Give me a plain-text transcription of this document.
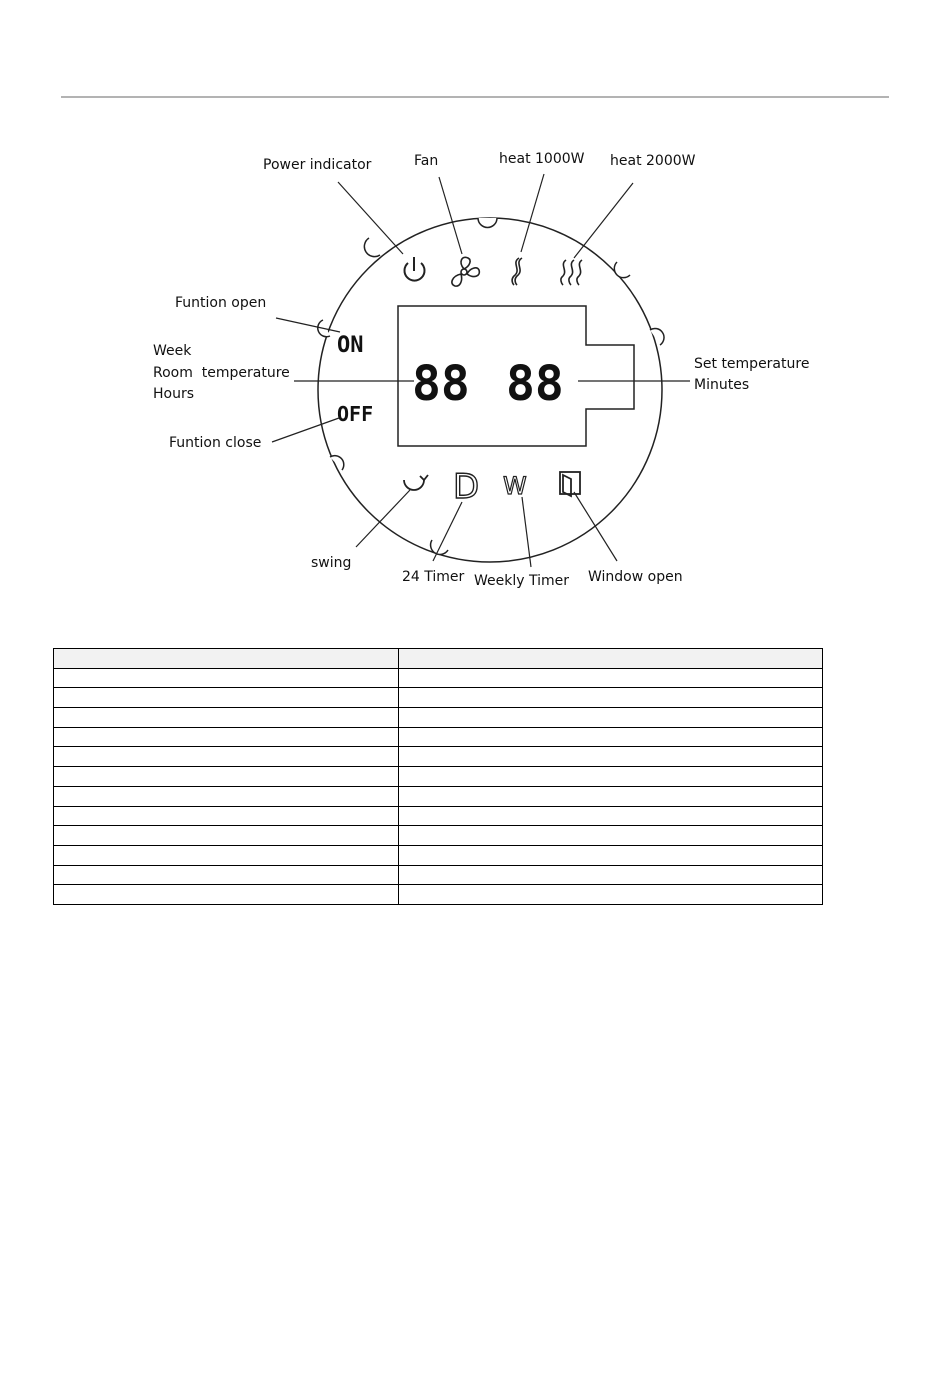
88 88
ON
OFF
D W
Power indicator	Fan	heat 1000W heat 2000W
Funtion open
Week
Room  temperature
Hours
Funtion close
Set temperature
Minutes
swing
24 Timer Weekly Timer Window open
